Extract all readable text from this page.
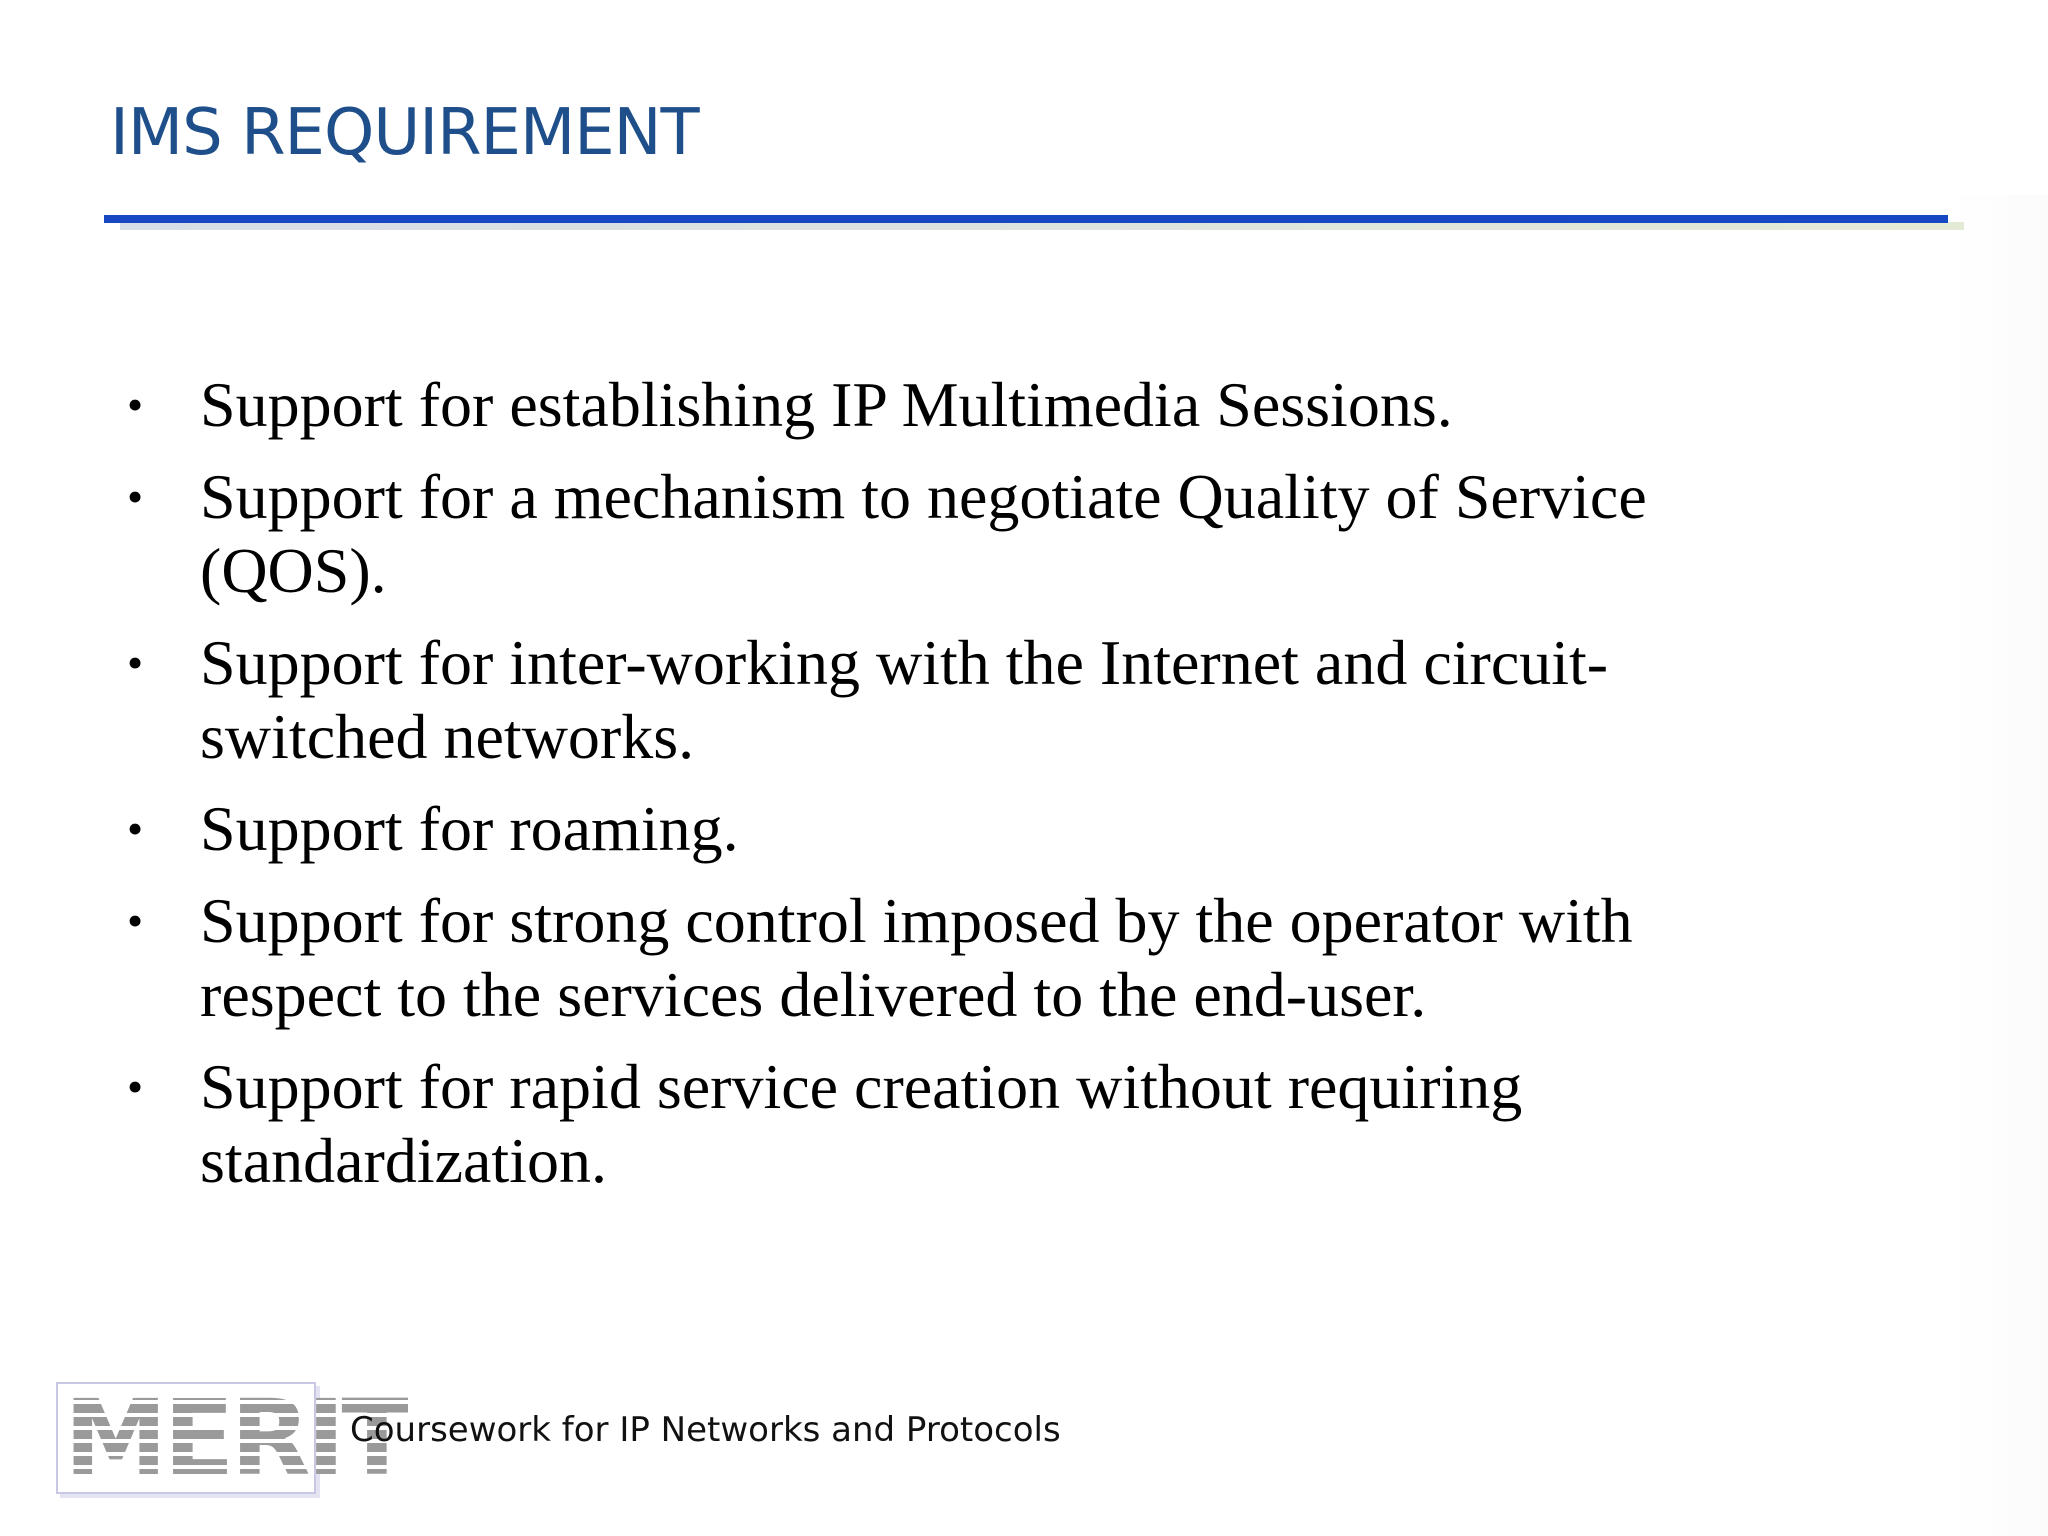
IMS REQUIREMENT
• Support for establishing IP Multimedia Sessions.
• Support for a mechanism to negotiate Quality of Service
(QOS).
• Support for inter-working with the Internet and circuit-
switched networks.
• Support for roaming.
• Support for strong control imposed by the operator with
respect to the services delivered to the end-user.
• Support for rapid service creation without requiring
standardization.
MERIT
Coursework for IP Networks and Protocols
